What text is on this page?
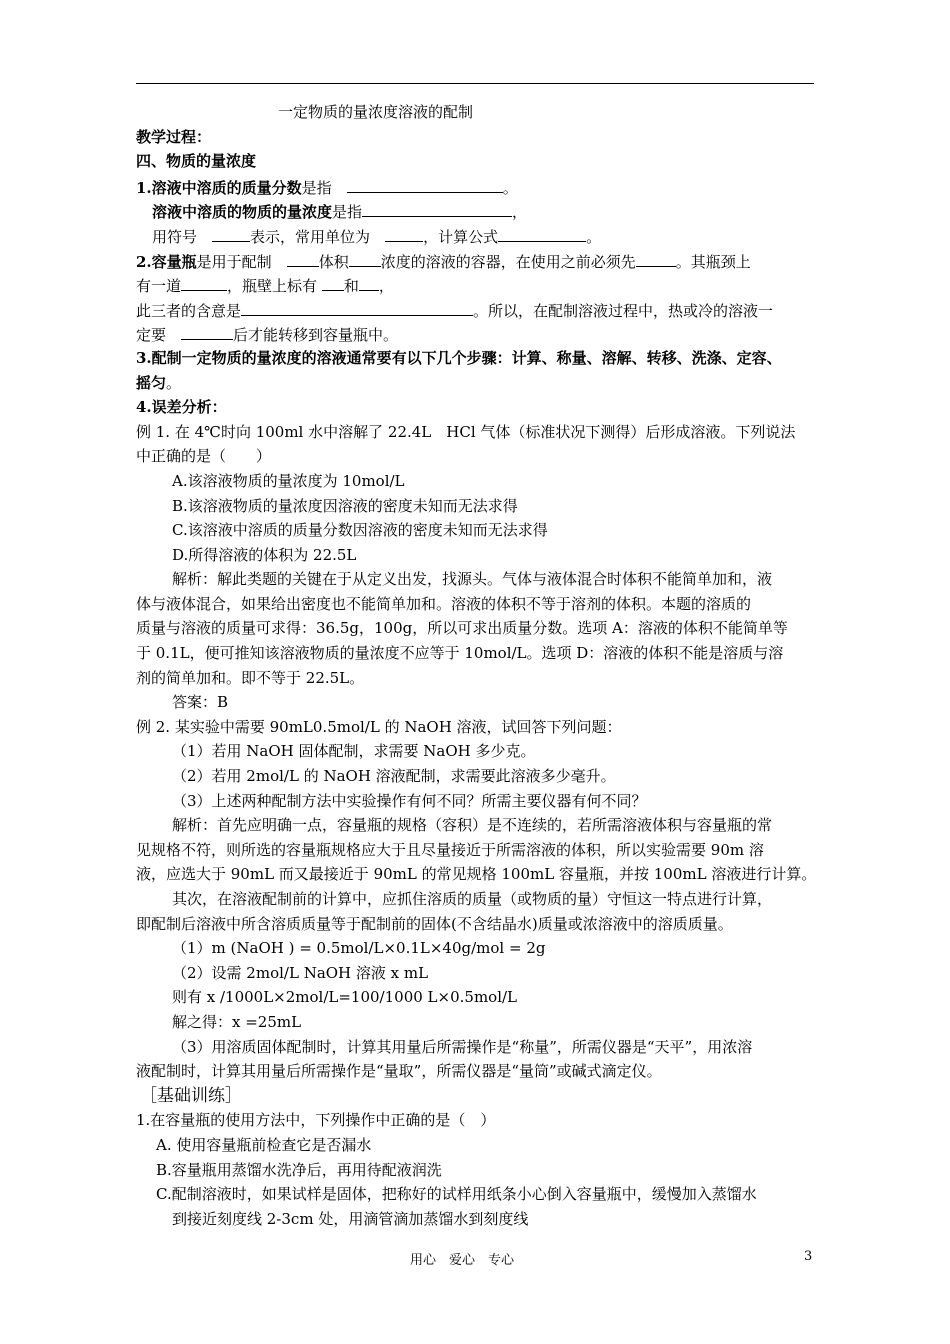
一定物质的量浓度溶液的配制
教学过程：
四、物质的量浓度
1.溶液中溶质的质量分数是指　	。
溶液中溶质的物质的量浓度是指	，
用符号　	表示，常用单位为　	，计算公式	。
2.容量瓶是用于配制　	体积 浓度的溶液的容器，在使用之前必须先	。其瓶颈上
有一道	，瓶壁上标有 和 ，
此三者的含意是	。所以，在配制溶液过程中，热或冷的溶液一
定要　	后才能转移到容量瓶中。
3.配制一定物质的量浓度的溶液通常要有以下几个步骤：计算、称量、溶解、转移、洗涤、定容、
摇匀。
4.误差分析：
例 1. 在 4℃时向 100ml 水中溶解了 22.4L　HCl 气体（标准状况下测得）后形成溶液。下列说法
中正确的是（　　）
A.该溶液物质的量浓度为 10mol/L
B.该溶液物质的量浓度因溶液的密度未知而无法求得
C.该溶液中溶质的质量分数因溶液的密度未知而无法求得
D.所得溶液的体积为 22.5L
解析：解此类题的关键在于从定义出发，找源头。气体与液体混合时体积不能简单加和，液
体与液体混合，如果给出密度也不能简单加和。溶液的体积不等于溶剂的体积。本题的溶质的
质量与溶液的质量可求得：36.5g，100g，所以可求出质量分数。选项 A：溶液的体积不能简单等
于 0.1L，便可推知该溶液物质的量浓度不应等于 10mol/L。选项 D：溶液的体积不能是溶质与溶
剂的简单加和。即不等于 22.5L。
答案：B
例 2. 某实验中需要 90mL0.5mol/L 的 NaOH 溶液，试回答下列问题：
（1）若用 NaOH 固体配制，求需要 NaOH 多少克。
（2）若用 2mol/L 的 NaOH 溶液配制，求需要此溶液多少毫升。
（3）上述两种配制方法中实验操作有何不同？所需主要仪器有何不同？
解析：首先应明确一点，容量瓶的规格（容积）是不连续的，若所需溶液体积与容量瓶的常
见规格不符，则所选的容量瓶规格应大于且尽量接近于所需溶液的体积，所以实验需要 90m 溶
液，应选大于 90mL 而又最接近于 90mL 的常见规格 100mL 容量瓶，并按 100mL 溶液进行计算。
其次，在溶液配制前的计算中，应抓住溶质的质量（或物质的量）守恒这一特点进行计算，
即配制后溶液中所含溶质质量等于配制前的固体(不含结晶水)质量或浓溶液中的溶质质量。
（1）m (NaOH ) = 0.5mol/L×0.1L×40g/mol = 2g
（2）设需 2mol/L NaOH 溶液 x mL
则有 x /1000L×2mol/L=100/1000 L×0.5mol/L
解之得：x =25mL
（3）用溶质固体配制时，计算其用量后所需操作是“称量”，所需仪器是“天平”，用浓溶
液配制时，计算其用量后所需操作是“量取”，所需仪器是“量筒”或碱式滴定仪。
［基础训练］
1.在容量瓶的使用方法中，下列操作中正确的是（　）
A. 使用容量瓶前检查它是否漏水
B.容量瓶用蒸馏水洗净后，再用待配液润洗
C.配制溶液时，如果试样是固体，把称好的试样用纸条小心倒入容量瓶中，缓慢加入蒸馏水
到接近刻度线 2-3cm 处，用滴管滴加蒸馏水到刻度线
用心　爱心　专心	3
